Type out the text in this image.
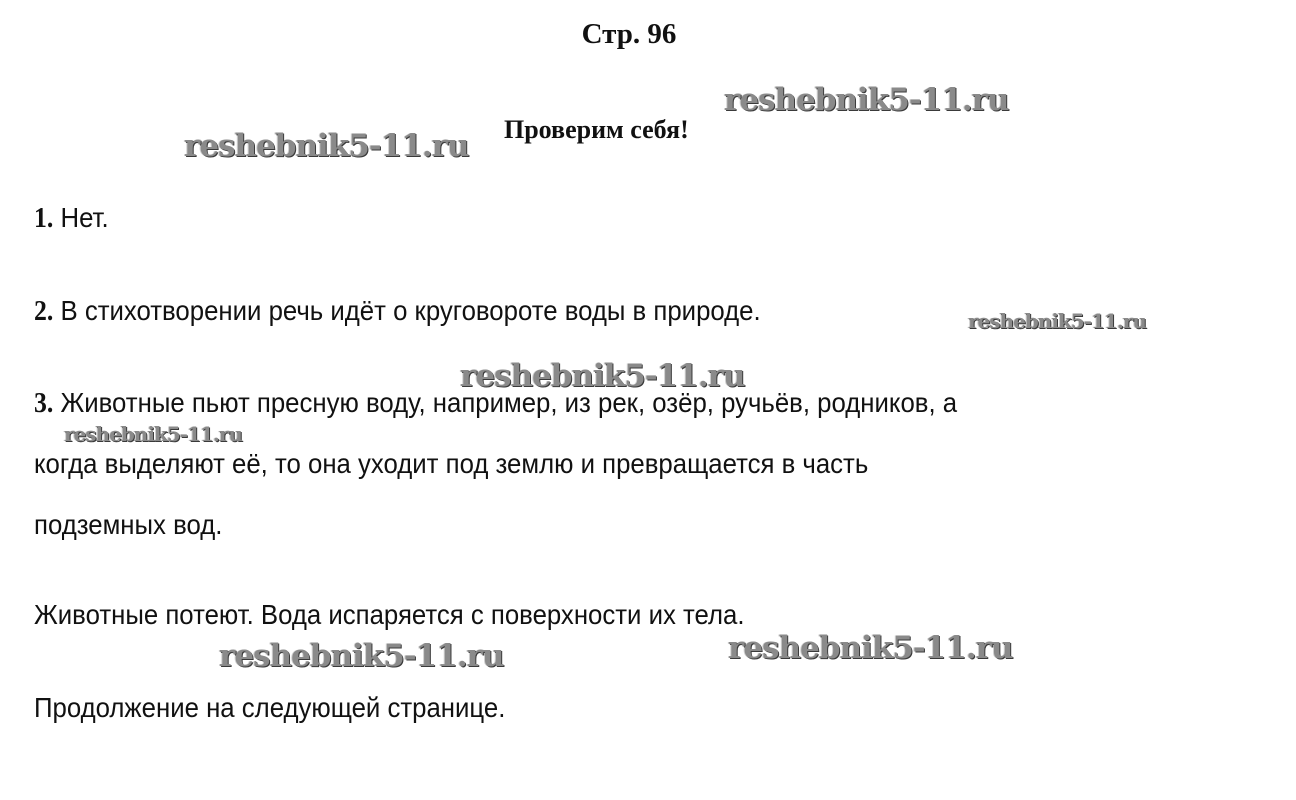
Стр. 96
Проверим себя!
1. Нет.
2. В стихотворении речь идёт о круговороте воды в природе.
3. Животные пьют пресную воду, например, из рек, озёр, ручьёв, родников, а
когда выделяют её, то она уходит под землю и превращается в часть
подземных вод.
Животные потеют. Вода испаряется с поверхности их тела.
Продолжение на следующей странице.
reshebnik5-11.ru
reshebnik5-11.ru
reshebnik5-11.ru
reshebnik5-11.ru
reshebnik5-11.ru
reshebnik5-11.ru	reshebnik5-11.ru
